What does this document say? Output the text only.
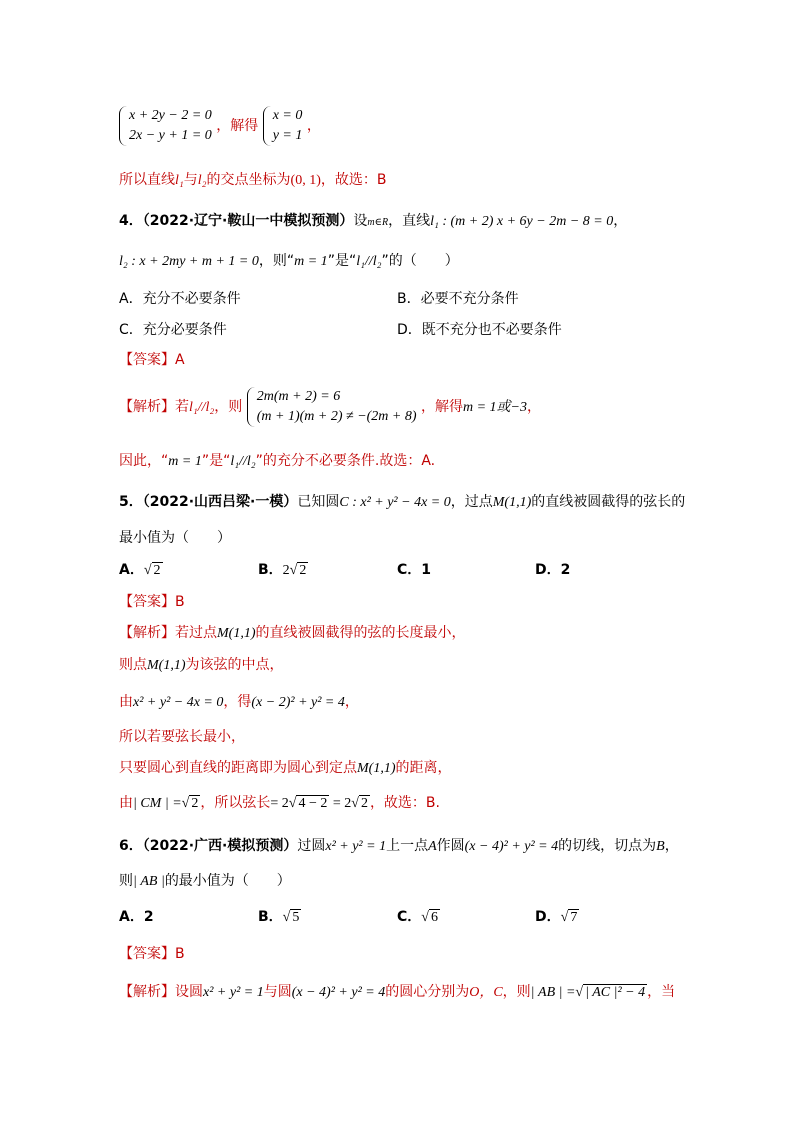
x + 2y − 2 = 0
2x − y + 1 = 0
，解得
x = 0
y = 1
，
所以直线l₁与l₂的交点坐标为(0, 1)，故选：B
4．（2022·辽宁·鞍山一中模拟预测）设m∈R，直线l₁ : (m + 2) x + 6y − 2m − 8 = 0，
l₂ : x + 2my + m + 1 = 0，则“m = 1”是“l₁//l₂”的（　　）
A．充分不必要条件	B．必要不充分条件
C．充分必要条件	D．既不充分也不必要条件
【答案】A
【解析】若l₁//l₂，则
2m(m + 2) = 6
(m + 1)(m + 2) ≠ −(2m + 8)
，解得m = 1或−3，
因此，“m = 1”是“l₁//l₂”的充分不必要条件.故选：A.
5．（2022·山西吕梁·一模）已知圆C : x² + y² − 4x = 0，过点M(1,1)的直线被圆截得的弦长的
最小值为（　　）
A．√ 2	B．2√ 2	C．1	D．2
【答案】B
【解析】若过点M(1,1)的直线被圆截得的弦的长度最小，
则点M(1,1)为该弦的中点，
由x² + y² − 4x = 0，得(x − 2)² + y² = 4，
所以若要弦长最小，
只要圆心到直线的距离即为圆心到定点M(1,1)的距离，
由| CM | =√ 2 ，所以弦长= 2√ 4 − 2 = 2√ 2 ，故选：B.
6．（2022·广西·模拟预测）过圆x² + y² = 1上一点A作圆(x − 4)² + y² = 4的切线，切点为B，
则| AB |的最小值为（　　）
A．2	B．√ 5	C．√ 6	D．√ 7
【答案】B
【解析】设圆x² + y² = 1与圆(x − 4)² + y² = 4的圆心分别为O，C，则| AB | =√ | AC |² − 4 ，当
